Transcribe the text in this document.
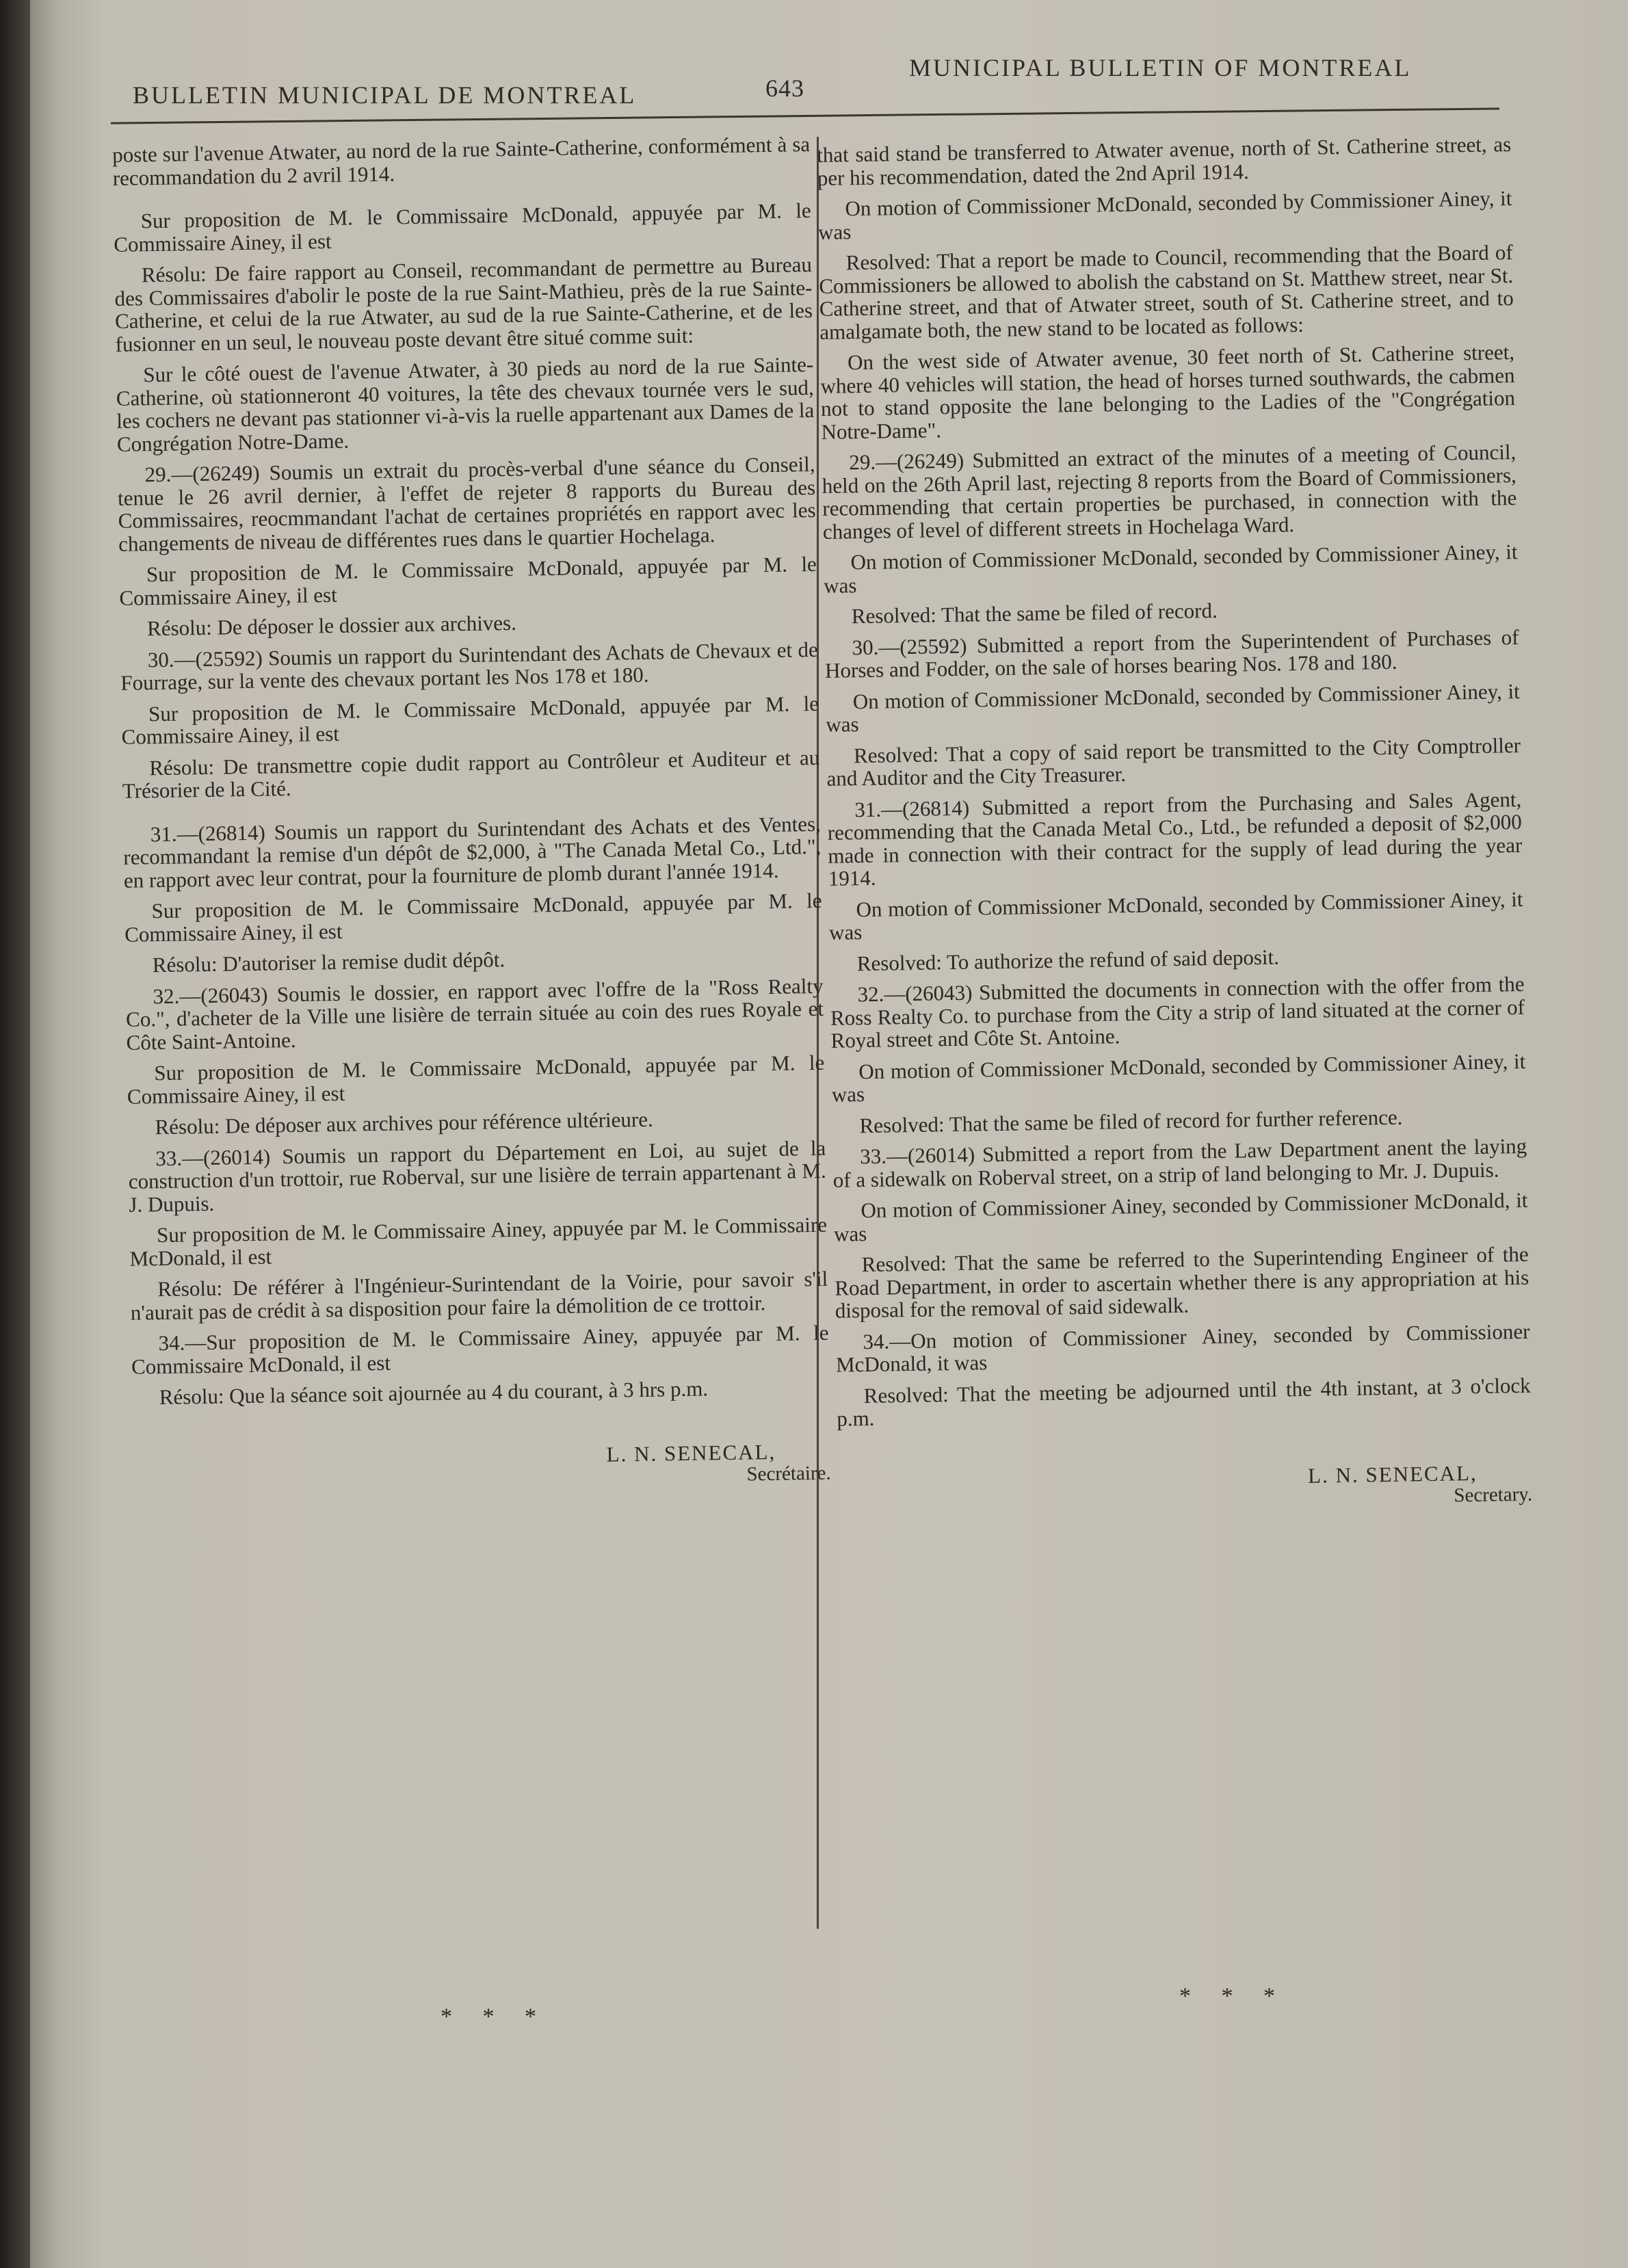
BULLETIN MUNICIPAL DE MONTREAL	643
MUNICIPAL BULLETIN OF MONTREAL

poste sur l'avenue Atwater, au nord de la rue Sainte-Catherine, conformément à sa recommandation du 2 avril 1914.

Sur proposition de M. le Commissaire McDonald, appuyée par M. le Commissaire Ainey, il est

Résolu: De faire rapport au Conseil, recommandant de permettre au Bureau des Commissaires d'abolir le poste de la rue Saint-Mathieu, près de la rue Sainte-Catherine, et celui de la rue Atwater, au sud de la rue Sainte-Catherine, et de les fusionner en un seul, le nouveau poste devant être situé comme suit:

Sur le côté ouest de l'avenue Atwater, à 30 pieds au nord de la rue Sainte-Catherine, où stationneront 40 voitures, la tête des chevaux tournée vers le sud, les cochers ne devant pas stationner vi-à-vis la ruelle appartenant aux Dames de la Congrégation Notre-Dame.

29.—(26249) Soumis un extrait du procès-verbal d'une séance du Conseil, tenue le 26 avril dernier, à l'effet de rejeter 8 rapports du Bureau des Commissaires, reocmmandant l'achat de certaines propriétés en rapport avec les changements de niveau de différentes rues dans le quartier Hochelaga.

Sur proposition de M. le Commissaire McDonald, appuyée par M. le Commissaire Ainey, il est

Résolu: De déposer le dossier aux archives.

30.—(25592) Soumis un rapport du Surintendant des Achats de Chevaux et de Fourrage, sur la vente des chevaux portant les Nos 178 et 180.

Sur proposition de M. le Commissaire McDonald, appuyée par M. le Commissaire Ainey, il est

Résolu: De transmettre copie dudit rapport au Contrôleur et Auditeur et au Trésorier de la Cité.

31.—(26814) Soumis un rapport du Surintendant des Achats et des Ventes, recommandant la remise d'un dépôt de $2,000, à "The Canada Metal Co., Ltd.", en rapport avec leur contrat, pour la fourniture de plomb durant l'année 1914.

Sur proposition de M. le Commissaire McDonald, appuyée par M. le Commissaire Ainey, il est

Résolu: D'autoriser la remise dudit dépôt.

32.—(26043) Soumis le dossier, en rapport avec l'offre de la "Ross Realty Co.", d'acheter de la Ville une lisière de terrain située au coin des rues Royale et Côte Saint-Antoine.

Sur proposition de M. le Commissaire McDonald, appuyée par M. le Commissaire Ainey, il est

Résolu: De déposer aux archives pour référence ultérieure.

33.—(26014) Soumis un rapport du Département en Loi, au sujet de la construction d'un trottoir, rue Roberval, sur une lisière de terrain appartenant à M. J. Dupuis.

Sur proposition de M. le Commissaire Ainey, appuyée par M. le Commissaire McDonald, il est

Résolu: De référer à l'Ingénieur-Surintendant de la Voirie, pour savoir s'il n'aurait pas de crédit à sa disposition pour faire la démolition de ce trottoir.

34.—Sur proposition de M. le Commissaire Ainey, appuyée par M. le Commissaire McDonald, il est

Résolu: Que la séance soit ajournée au 4 du courant, à 3 hrs p.m.

L. N. SENECAL,
Secrétaire.

that said stand be transferred to Atwater avenue, north of St. Catherine street, as per his recommendation, dated the 2nd April 1914.

On motion of Commissioner McDonald, seconded by Commissioner Ainey, it was

Resolved: That a report be made to Council, recommending that the Board of Commissioners be allowed to abolish the cabstand on St. Matthew street, near St. Catherine street, and that of Atwater street, south of St. Catherine street, and to amalgamate both, the new stand to be located as follows:

On the west side of Atwater avenue, 30 feet north of St. Catherine street, where 40 vehicles will station, the head of horses turned southwards, the cabmen not to stand opposite the lane belonging to the Ladies of the "Congrégation Notre-Dame".

29.—(26249) Submitted an extract of the minutes of a meeting of Council, held on the 26th April last, rejecting 8 reports from the Board of Commissioners, recommending that certain properties be purchased, in connection with the changes of level of different streets in Hochelaga Ward.

On motion of Commissioner McDonald, seconded by Commissioner Ainey, it was

Resolved: That the same be filed of record.

30.—(25592) Submitted a report from the Superintendent of Purchases of Horses and Fodder, on the sale of horses bearing Nos. 178 and 180.

On motion of Commissioner McDonald, seconded by Commissioner Ainey, it was

Resolved: That a copy of said report be transmitted to the City Comptroller and Auditor and the City Treasurer.

31.—(26814) Submitted a report from the Purchasing and Sales Agent, recommending that the Canada Metal Co., Ltd., be refunded a deposit of $2,000 made in connection with their contract for the supply of lead during the year 1914.

On motion of Commissioner McDonald, seconded by Commissioner Ainey, it was

Resolved: To authorize the refund of said deposit.

32.—(26043) Submitted the documents in connection with the offer from the Ross Realty Co. to purchase from the City a strip of land situated at the corner of Royal street and Côte St. Antoine.

On motion of Commissioner McDonald, seconded by Commissioner Ainey, it was

Resolved: That the same be filed of record for further reference.

33.—(26014) Submitted a report from the Law Department anent the laying of a sidewalk on Roberval street, on a strip of land belonging to Mr. J. Dupuis.

On motion of Commissioner Ainey, seconded by Commissioner McDonald, it was

Resolved: That the same be referred to the Superintending Engineer of the Road Department, in order to ascertain whether there is any appropriation at his disposal for the removal of said sidewalk.

34.—On motion of Commissioner Ainey, seconded by Commissioner McDonald, it was

Resolved: That the meeting be adjourned until the 4th instant, at 3 o'clock p.m.

L. N. SENECAL,
Secretary.
* * *
* * *
